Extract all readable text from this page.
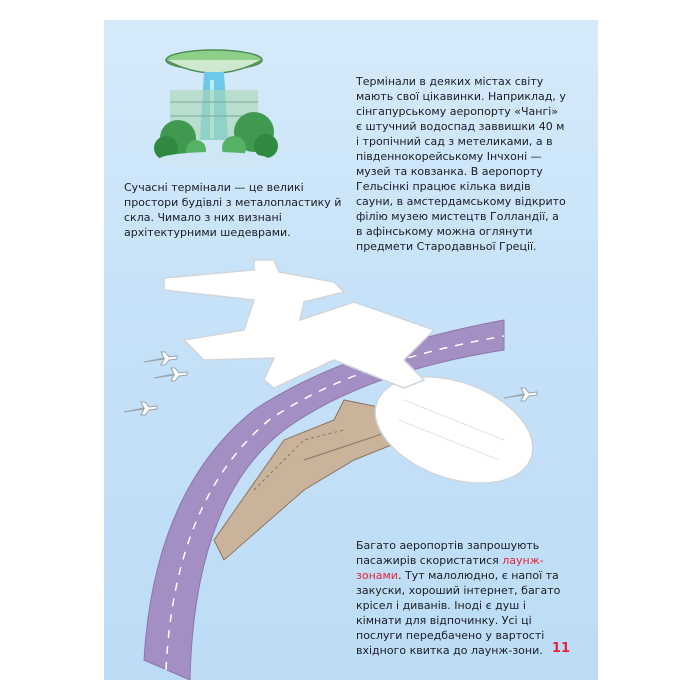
Термінали в деяких містах світу мають свої цікавинки. Наприклад, у сінгапурському аеропорту «Чангі» є штучний водоспад заввишки 40 м і тропічний сад з метеликами, а в південнокорейському Інчхоні — музей та ковзанка. В аеропорту Гельсінкі працює кілька видів сауни, в амстердамському відкрито філію музею мистецтв Голландії, а в афінському можна оглянути предмети Стародавньої Греції.

Сучасні термінали — це великі простори будівлі з металопластику й скла. Чимало з них визнані архітектурними шедеврами.

Багато аеропортів запрошують пасажирів скористатися лаунж-зонами. Тут малолюдно, є напої та закуски, хороший інтернет, багато крісел і диванів. Іноді є душ і кімнати для відпочинку. Усі ці послуги передбачено у вартості вхідного квитка до лаунж-зони. 11
